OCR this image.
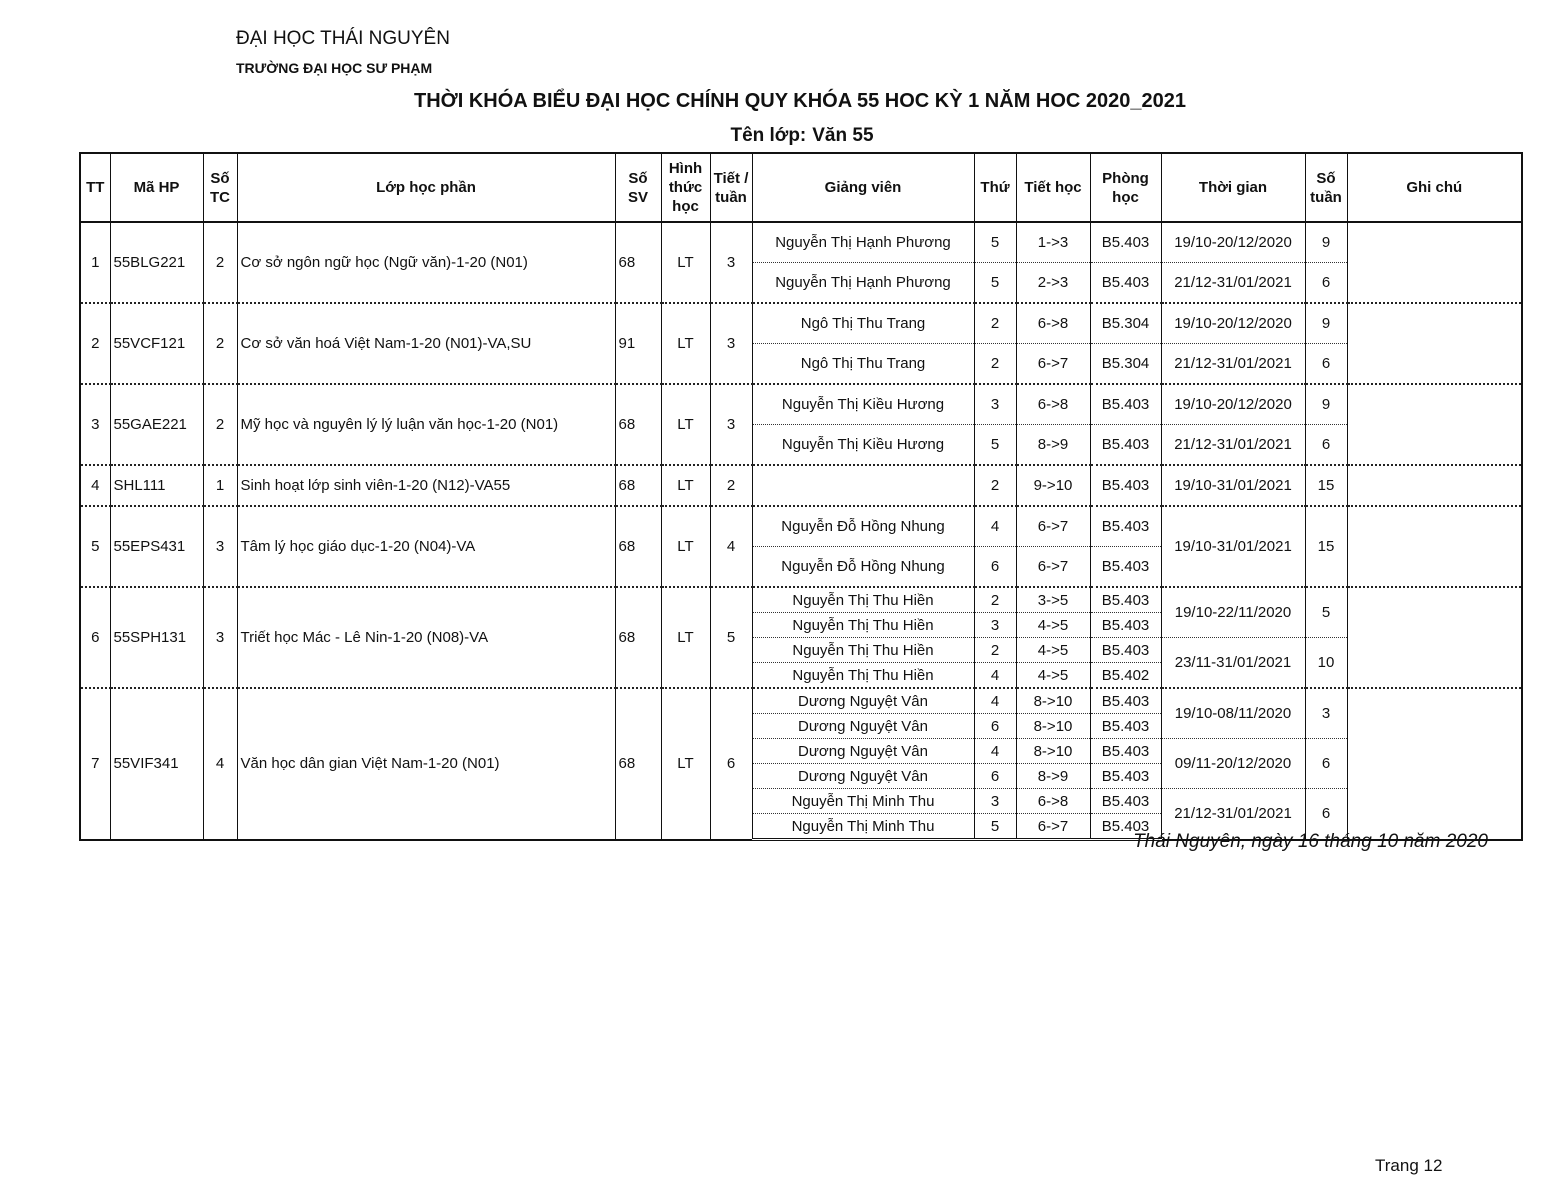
ĐẠI HỌC THÁI NGUYÊN
TRƯỜNG ĐẠI HỌC SƯ PHẠM
THỜI KHÓA BIỂU ĐẠI HỌC CHÍNH QUY KHÓA 55 HOC KỲ 1 NĂM HOC 2020_2021
Tên lớp: Văn 55
TT	Mã HP	Số TC	Lớp học phần	Số SV	Hình thức học	Tiết / tuần	Giảng viên	Thứ	Tiết học	Phòng học	Thời gian	Số tuần	Ghi chú
1	55BLG221	2	Cơ sở ngôn ngữ học (Ngữ văn)-1-20 (N01)	68	LT	3	Nguyễn Thị Hạnh Phương	5	1->3	B5.403	19/10-20/12/2020	9	
							Nguyễn Thị Hạnh Phương	5	2->3	B5.403	21/12-31/01/2021	6	
2	55VCF121	2	Cơ sở văn hoá Việt Nam-1-20 (N01)-VA,SU	91	LT	3	Ngô Thị Thu Trang	2	6->8	B5.304	19/10-20/12/2020	9	
							Ngô Thị Thu Trang	2	6->7	B5.304	21/12-31/01/2021	6	
3	55GAE221	2	Mỹ học và nguyên lý lý luận văn học-1-20 (N01)	68	LT	3	Nguyễn Thị Kiều Hương	3	6->8	B5.403	19/10-20/12/2020	9	
							Nguyễn Thị Kiều Hương	5	8->9	B5.403	21/12-31/01/2021	6	
4	SHL111	1	Sinh hoạt lớp sinh viên-1-20 (N12)-VA55	68	LT	2		2	9->10	B5.403	19/10-31/01/2021	15	
5	55EPS431	3	Tâm lý học giáo dục-1-20 (N04)-VA	68	LT	4	Nguyễn Đỗ Hồng Nhung	4	6->7	B5.403	19/10-31/01/2021	15	
							Nguyễn Đỗ Hồng Nhung	6	6->7	B5.403			
6	55SPH131	3	Triết học Mác - Lê Nin-1-20 (N08)-VA	68	LT	5	Nguyễn Thị Thu Hiền	2	3->5	B5.403	19/10-22/11/2020	5	
							Nguyễn Thị Thu Hiền	3	4->5	B5.403			
							Nguyễn Thị Thu Hiền	2	4->5	B5.403	23/11-31/01/2021	10	
							Nguyễn Thị Thu Hiền	4	4->5	B5.402			
7	55VIF341	4	Văn học dân gian Việt Nam-1-20 (N01)	68	LT	6	Dương Nguyệt Vân	4	8->10	B5.403	19/10-08/11/2020	3	
							Dương Nguyệt Vân	6	8->10	B5.403			
							Dương Nguyệt Vân	4	8->10	B5.403	09/11-20/12/2020	6	
							Dương Nguyệt Vân	6	8->9	B5.403			
							Nguyễn Thị Minh Thu	3	6->8	B5.403	21/12-31/01/2021	6	
							Nguyễn Thị Minh Thu	5	6->7	B5.403			
Thái Nguyên, ngày 16 tháng 10 năm 2020
Trang 12
